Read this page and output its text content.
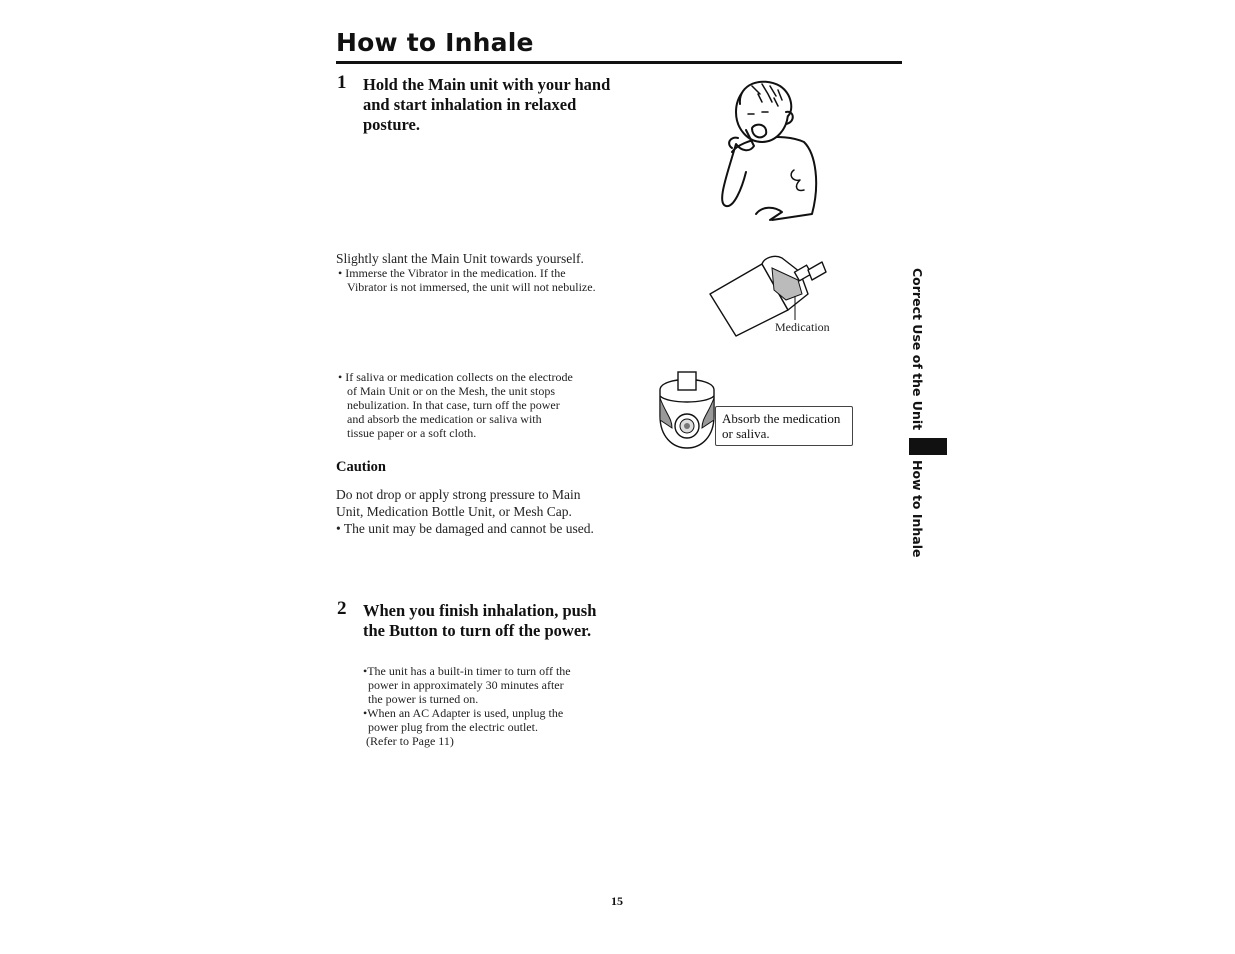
How to Inhale
1 Hold the Main unit with your hand and start inhalation in relaxed posture.
Slightly slant the Main Unit towards yourself.
• Immerse the Vibrator in the medication. If the
Vibrator is not immersed, the unit will not nebulize.
Medication
• If saliva or medication collects on the electrode
of Main Unit or on the Mesh, the unit stops
nebulization. In that case, turn off the power
and absorb the medication or saliva with
tissue paper or a soft cloth.
Absorb the medication
or saliva.
Caution
Do not drop or apply strong pressure to Main
Unit, Medication Bottle Unit, or Mesh Cap.
• The unit may be damaged and cannot be used.
2 When you finish inhalation, push the Button to turn off the power.
•The unit has a built-in timer to turn off the
power in approximately 30 minutes after
the power is turned on.
•When an AC Adapter is used, unplug the
power plug from the electric outlet.
(Refer to Page 11)
Correct Use of the Unit
How to Inhale
15
